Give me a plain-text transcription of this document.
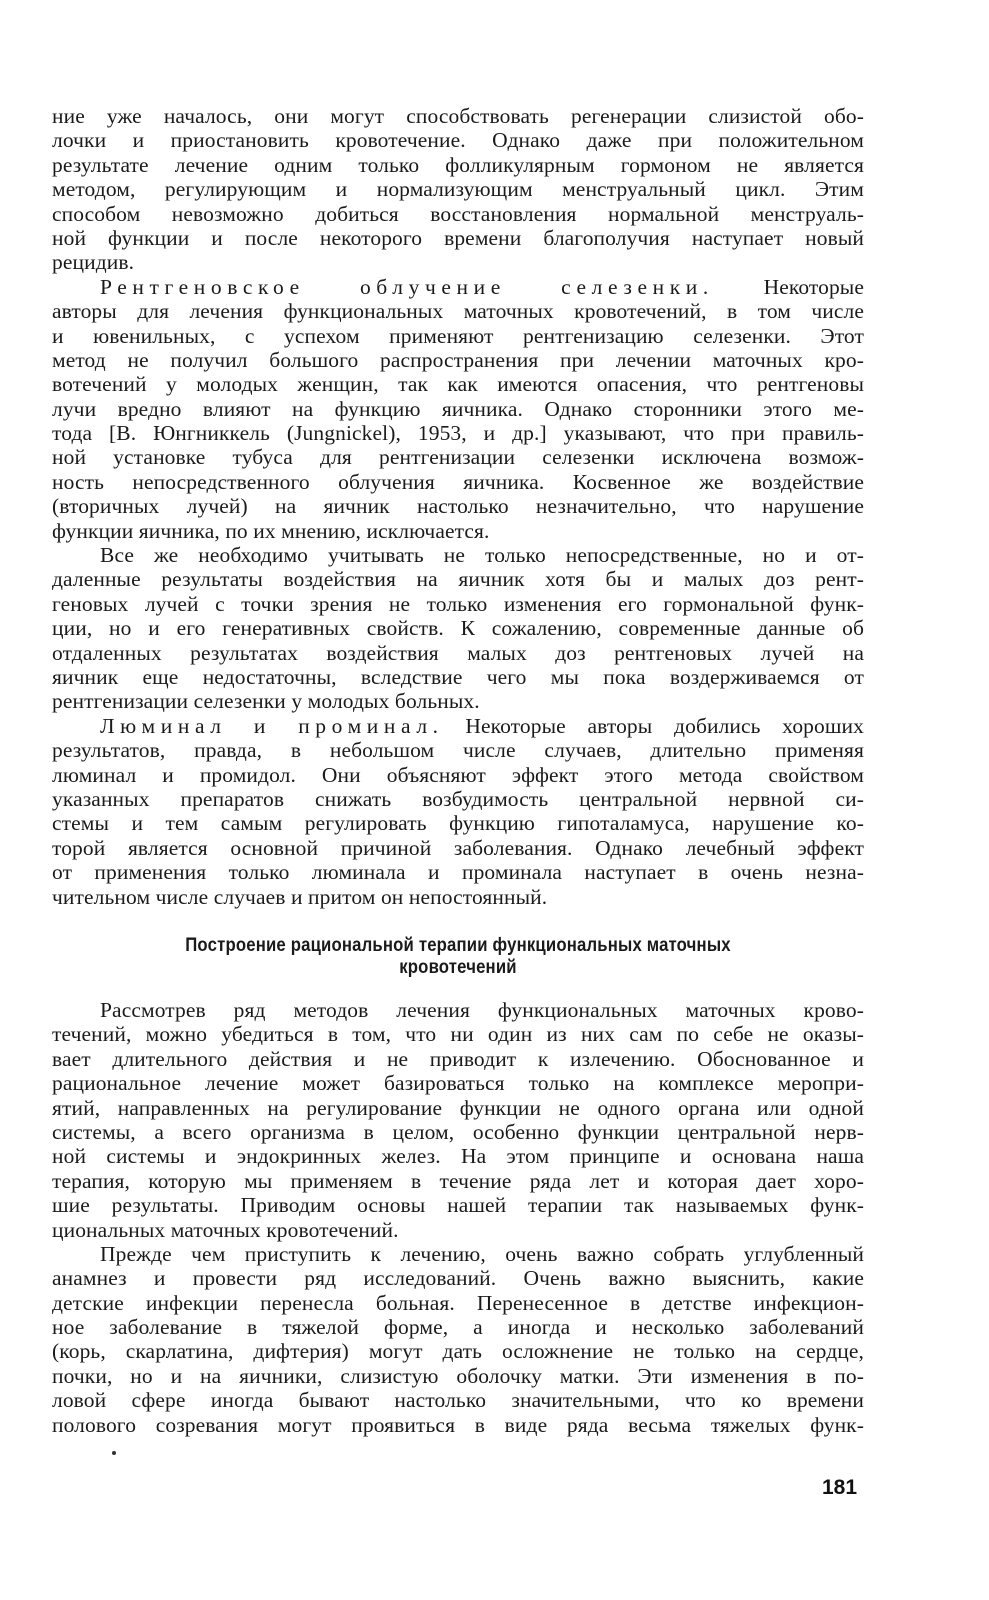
ние уже началось, они могут способствовать регенерации слизистой обо-
лочки и приостановить кровотечение. Однако даже при положительном
результате лечение одним только фолликулярным гормоном не является
методом, регулирующим и нормализующим менструальный цикл. Этим
способом невозможно добиться восстановления нормальной менструаль-
ной функции и после некоторого времени благополучия наступает новый
рецидив.
Рентгеновское облучение селезенки. Некоторые
авторы для лечения функциональных маточных кровотечений, в том числе
и ювенильных, с успехом применяют рентгенизацию селезенки. Этот
метод не получил большого распространения при лечении маточных кро-
вотечений у молодых женщин, так как имеются опасения, что рентгеновы
лучи вредно влияют на функцию яичника. Однако сторонники этого ме-
тода [В. Юнгниккель (Jungnickel), 1953, и др.] указывают, что при правиль-
ной установке тубуса для рентгенизации селезенки исключена возмож-
ность непосредственного облучения яичника. Косвенное же воздействие
(вторичных лучей) на яичник настолько незначительно, что нарушение
функции яичника, по их мнению, исключается.
Все же необходимо учитывать не только непосредственные, но и от-
даленные результаты воздействия на яичник хотя бы и малых доз рент-
геновых лучей с точки зрения не только изменения его гормональной функ-
ции, но и его генеративных свойств. К сожалению, современные данные об
отдаленных результатах воздействия малых доз рентгеновых лучей на
яичник еще недостаточны, вследствие чего мы пока воздерживаемся от
рентгенизации селезенки у молодых больных.
Люминал и проминал. Некоторые авторы добились хороших
результатов, правда, в небольшом числе случаев, длительно применяя
люминал и промидол. Они объясняют эффект этого метода свойством
указанных препаратов снижать возбудимость центральной нервной си-
стемы и тем самым регулировать функцию гипоталамуса, нарушение ко-
торой является основной причиной заболевания. Однако лечебный эффект
от применения только люминала и проминала наступает в очень незна-
чительном числе случаев и притом он непостоянный.
Построение рациональной терапии функциональных маточных
кровотечений
Рассмотрев ряд методов лечения функциональных маточных крово-
течений, можно убедиться в том, что ни один из них сам по себе не оказы-
вает длительного действия и не приводит к излечению. Обоснованное и
рациональное лечение может базироваться только на комплексе меропри-
ятий, направленных на регулирование функции не одного органа или одной
системы, а всего организма в целом, особенно функции центральной нерв-
ной системы и эндокринных желез. На этом принципе и основана наша
терапия, которую мы применяем в течение ряда лет и которая дает хоро-
шие результаты. Приводим основы нашей терапии так называемых функ-
циональных маточных кровотечений.
Прежде чем приступить к лечению, очень важно собрать углубленный
анамнез и провести ряд исследований. Очень важно выяснить, какие
детские инфекции перенесла больная. Перенесенное в детстве инфекцион-
ное заболевание в тяжелой форме, а иногда и несколько заболеваний
(корь, скарлатина, дифтерия) могут дать осложнение не только на сердце,
почки, но и на яичники, слизистую оболочку матки. Эти изменения в по-
ловой сфере иногда бывают настолько значительными, что ко времени
полового созревания могут проявиться в виде ряда весьма тяжелых функ-
181
